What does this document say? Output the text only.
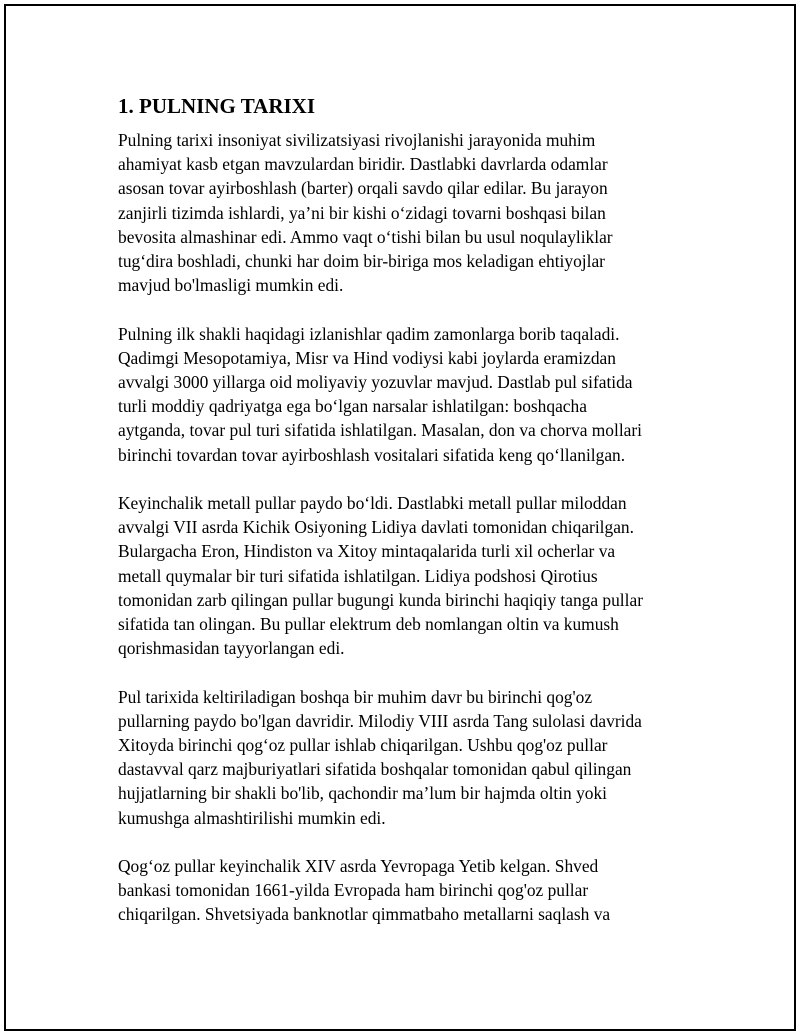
1. PULNING TARIXI

Pulning tarixi insoniyat sivilizatsiyasi rivojlanishi jarayonida muhim
ahamiyat kasb etgan mavzulardan biridir. Dastlabki davrlarda odamlar
asosan tovar ayirboshlash (barter) orqali savdo qilar edilar. Bu jarayon
zanjirli tizimda ishlardi, ya’ni bir kishi o‘zidagi tovarni boshqasi bilan
bevosita almashinar edi. Ammo vaqt o‘tishi bilan bu usul noqulayliklar
tug‘dira boshladi, chunki har doim bir-biriga mos keladigan ehtiyojlar
mavjud bo'lmasligi mumkin edi.

Pulning ilk shakli haqidagi izlanishlar qadim zamonlarga borib taqaladi.
Qadimgi Mesopotamiya, Misr va Hind vodiysi kabi joylarda eramizdan
avvalgi 3000 yillarga oid moliyaviy yozuvlar mavjud. Dastlab pul sifatida
turli moddiy qadriyatga ega bo‘lgan narsalar ishlatilgan: boshqacha
aytganda, tovar pul turi sifatida ishlatilgan. Masalan, don va chorva mollari
birinchi tovardan tovar ayirboshlash vositalari sifatida keng qo‘llanilgan.

Keyinchalik metall pullar paydo bo‘ldi. Dastlabki metall pullar miloddan
avvalgi VII asrda Kichik Osiyoning Lidiya davlati tomonidan chiqarilgan.
Bulargacha Eron, Hindiston va Xitoy mintaqalarida turli xil ocherlar va
metall quymalar bir turi sifatida ishlatilgan. Lidiya podshosi Qirotius
tomonidan zarb qilingan pullar bugungi kunda birinchi haqiqiy tanga pullar
sifatida tan olingan. Bu pullar elektrum deb nomlangan oltin va kumush
qorishmasidan tayyorlangan edi.

Pul tarixida keltiriladigan boshqa bir muhim davr bu birinchi qog'oz
pullarning paydo bo'lgan davridir. Milodiy VIII asrda Tang sulolasi davrida
Xitoyda birinchi qog‘oz pullar ishlab chiqarilgan. Ushbu qog'oz pullar
dastavval qarz majburiyatlari sifatida boshqalar tomonidan qabul qilingan
hujjatlarning bir shakli bo'lib, qachondir ma’lum bir hajmda oltin yoki
kumushga almashtirilishi mumkin edi.

Qog‘oz pullar keyinchalik XIV asrda Yevropaga Yetib kelgan. Shved
bankasi tomonidan 1661-yilda Evropada ham birinchi qog'oz pullar
chiqarilgan. Shvetsiyada banknotlar qimmatbaho metallarni saqlash va
